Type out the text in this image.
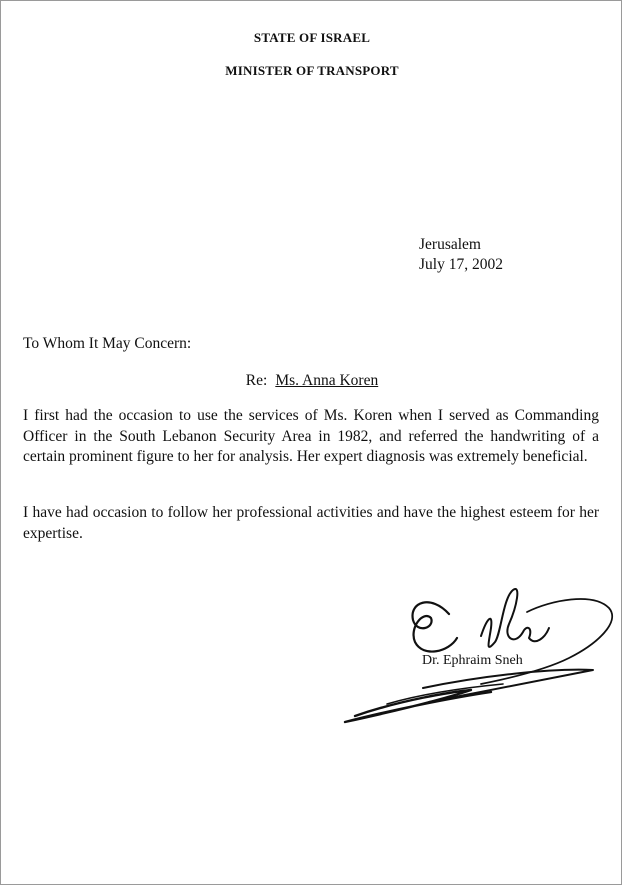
STATE OF ISRAEL
MINISTER OF TRANSPORT
Jerusalem
July 17, 2002
To Whom It May Concern:
Re: Ms. Anna Koren

I first had the occasion to use the services of Ms. Koren when I served as Commanding Officer in the South Lebanon Security Area in 1982, and referred the handwriting of a certain prominent figure to her for analysis. Her expert diagnosis was extremely beneficial.

I have had occasion to follow her professional activities and have the highest esteem for her expertise.

Dr. Ephraim Sneh
